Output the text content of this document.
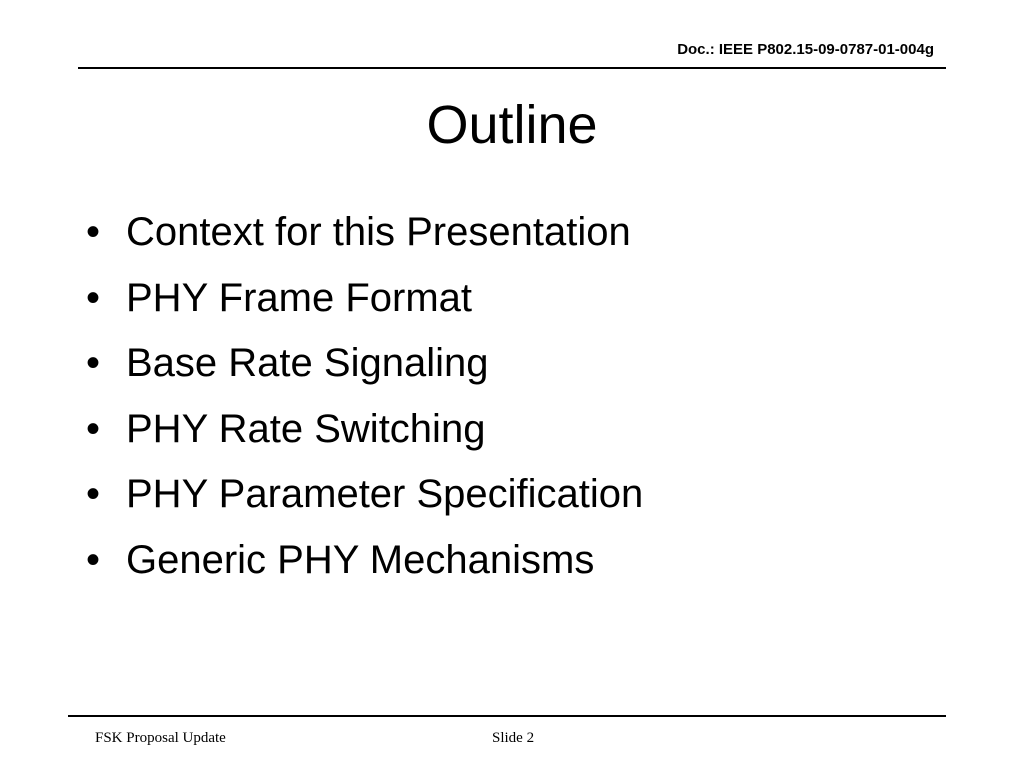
Doc.: IEEE P802.15-09-0787-01-004g
Outline
• Context for this Presentation
• PHY Frame Format
• Base Rate Signaling
• PHY Rate Switching
• PHY Parameter Specification
• Generic PHY Mechanisms
FSK Proposal Update	Slide 2
